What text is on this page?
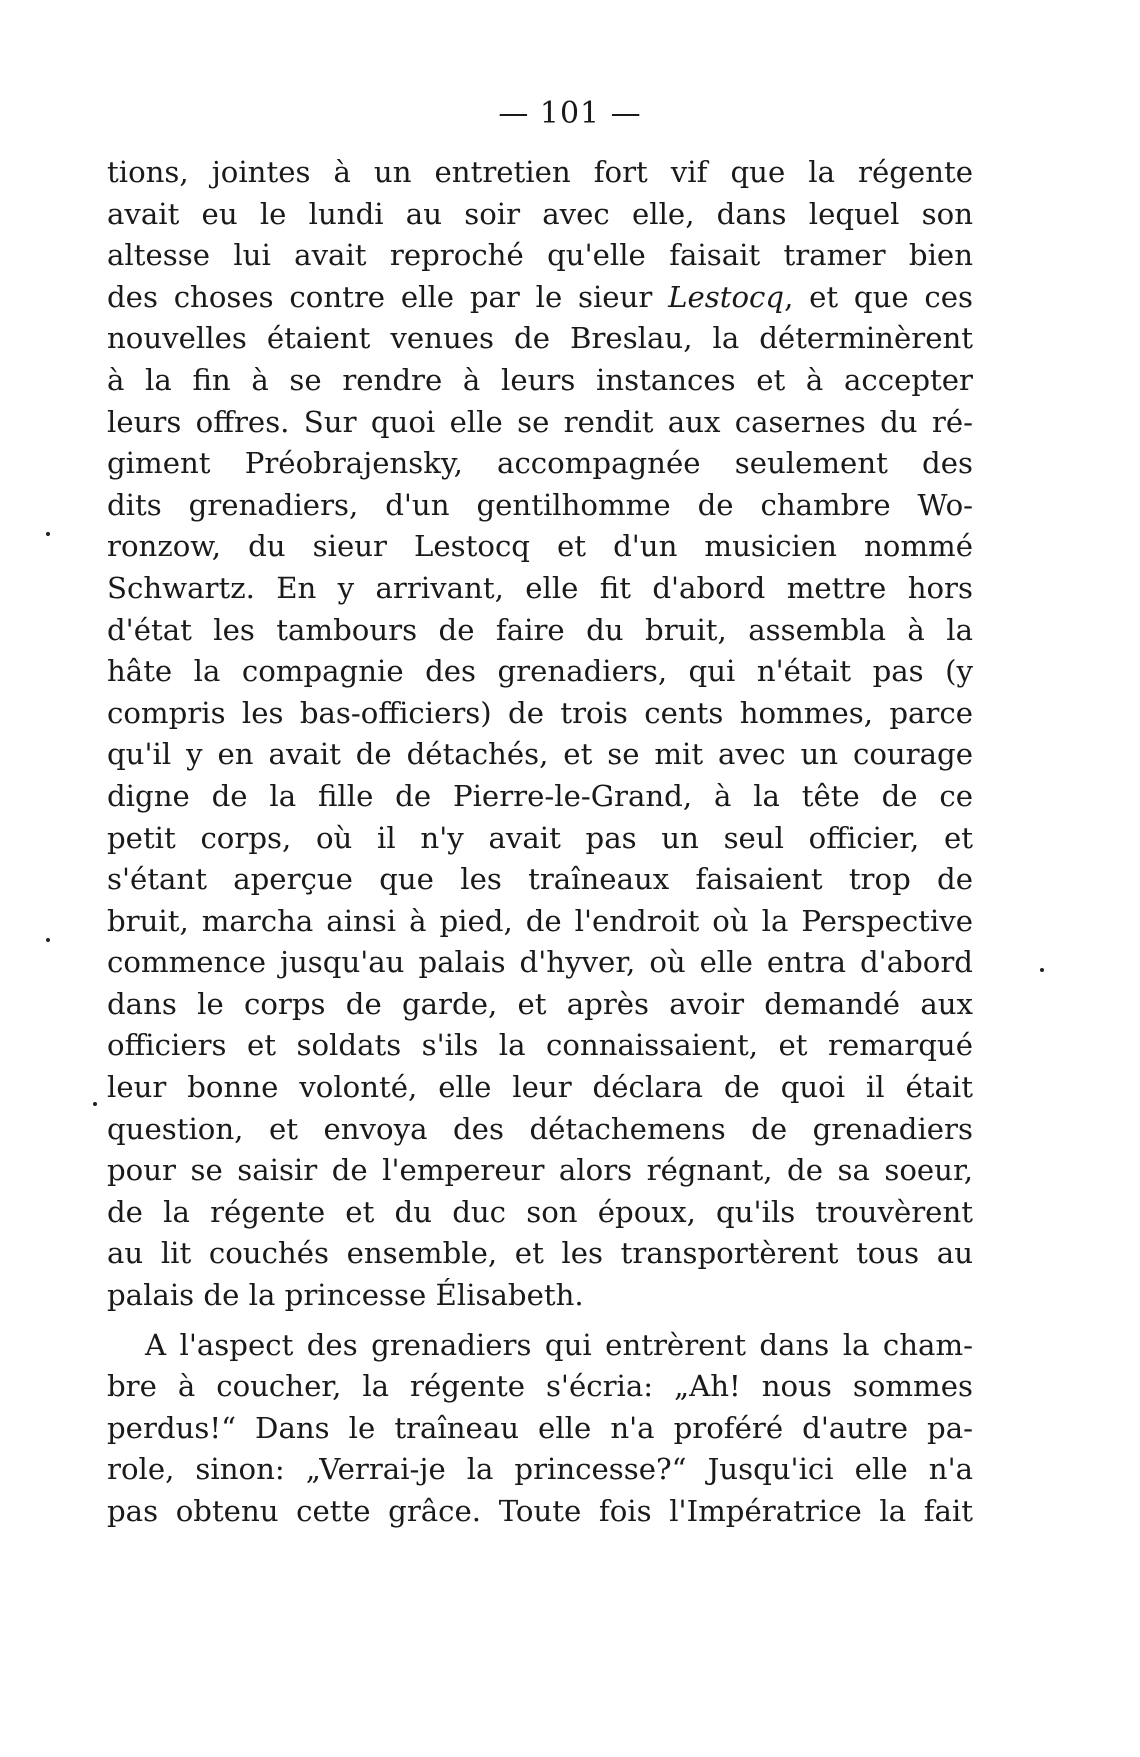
— 101 —
tions, jointes à un entretien fort vif que la régente
avait eu le lundi au soir avec elle, dans lequel son
altesse lui avait reproché qu'elle faisait tramer bien
des choses contre elle par le sieur Lestocq, et que ces
nouvelles étaient venues de Breslau, la déterminèrent
à la fin à se rendre à leurs instances et à accepter
leurs offres. Sur quoi elle se rendit aux casernes du ré-
giment Préobrajensky, accompagnée seulement des
dits grenadiers, d'un gentilhomme de chambre Wo-
ronzow, du sieur Lestocq et d'un musicien nommé
Schwartz. En y arrivant, elle fit d'abord mettre hors
d'état les tambours de faire du bruit, assembla à la
hâte la compagnie des grenadiers, qui n'était pas (y
compris les bas-officiers) de trois cents hommes, parce
qu'il y en avait de détachés, et se mit avec un courage
digne de la fille de Pierre-le-Grand, à la tête de ce
petit corps, où il n'y avait pas un seul officier, et
s'étant aperçue que les traîneaux faisaient trop de
bruit, marcha ainsi à pied, de l'endroit où la Perspective
commence jusqu'au palais d'hyver, où elle entra d'abord
dans le corps de garde, et après avoir demandé aux
officiers et soldats s'ils la connaissaient, et remarqué
leur bonne volonté, elle leur déclara de quoi il était
question, et envoya des détachemens de grenadiers
pour se saisir de l'empereur alors régnant, de sa soeur,
de la régente et du duc son époux, qu'ils trouvèrent
au lit couchés ensemble, et les transportèrent tous au
palais de la princesse Élisabeth.
A l'aspect des grenadiers qui entrèrent dans la cham-
bre à coucher, la régente s'écria: „Ah! nous sommes
perdus!“ Dans le traîneau elle n'a proféré d'autre pa-
role, sinon: „Verrai-je la princesse?“ Jusqu'ici elle n'a
pas obtenu cette grâce. Toute fois l'Impératrice la fait
